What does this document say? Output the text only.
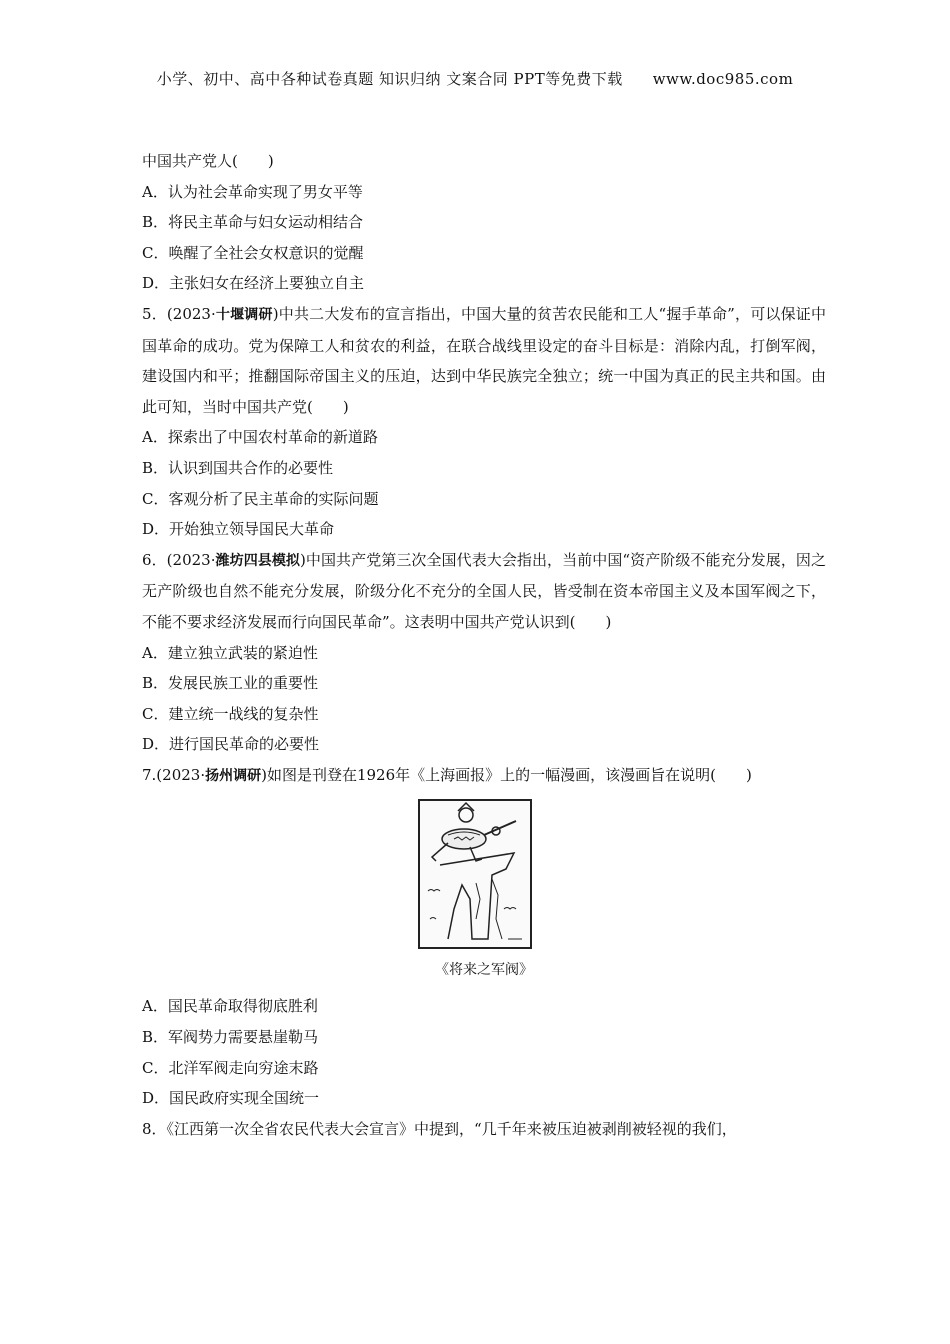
小学、初中、高中各种试卷真题 知识归纳 文案合同 PPT等免费下载 www.doc985.com
中国共产党人(　　)
A．认为社会革命实现了男女平等
B．将民主革命与妇女运动相结合
C．唤醒了全社会女权意识的觉醒
D．主张妇女在经济上要独立自主
5．(2023·十堰调研)中共二大发布的宣言指出，中国大量的贫苦农民能和工人“握手革命”，可以保证中国革命的成功。党为保障工人和贫农的利益，在联合战线里设定的奋斗目标是：消除内乱，打倒军阀，建设国内和平；推翻国际帝国主义的压迫，达到中华民族完全独立；统一中国为真正的民主共和国。由此可知，当时中国共产党(　　)
A．探索出了中国农村革命的新道路
B．认识到国共合作的必要性
C．客观分析了民主革命的实际问题
D．开始独立领导国民大革命
6．(2023·潍坊四县模拟)中国共产党第三次全国代表大会指出，当前中国“资产阶级不能充分发展，因之无产阶级也自然不能充分发展，阶级分化不充分的全国人民，皆受制在资本帝国主义及本国军阀之下，不能不要求经济发展而行向国民革命”。这表明中国共产党认识到(　　)
A．建立独立武装的紧迫性
B．发展民族工业的重要性
C．建立统一战线的复杂性
D．进行国民革命的必要性
7.(2023·扬州调研)如图是刊登在1926年《上海画报》上的一幅漫画，该漫画旨在说明(　　)
《将来之军阀》
A．国民革命取得彻底胜利
B．军阀势力需要悬崖勒马
C．北洋军阀走向穷途末路
D．国民政府实现全国统一
8．《江西第一次全省农民代表大会宣言》中提到，“几千年来被压迫被剥削被轻视的我们，
